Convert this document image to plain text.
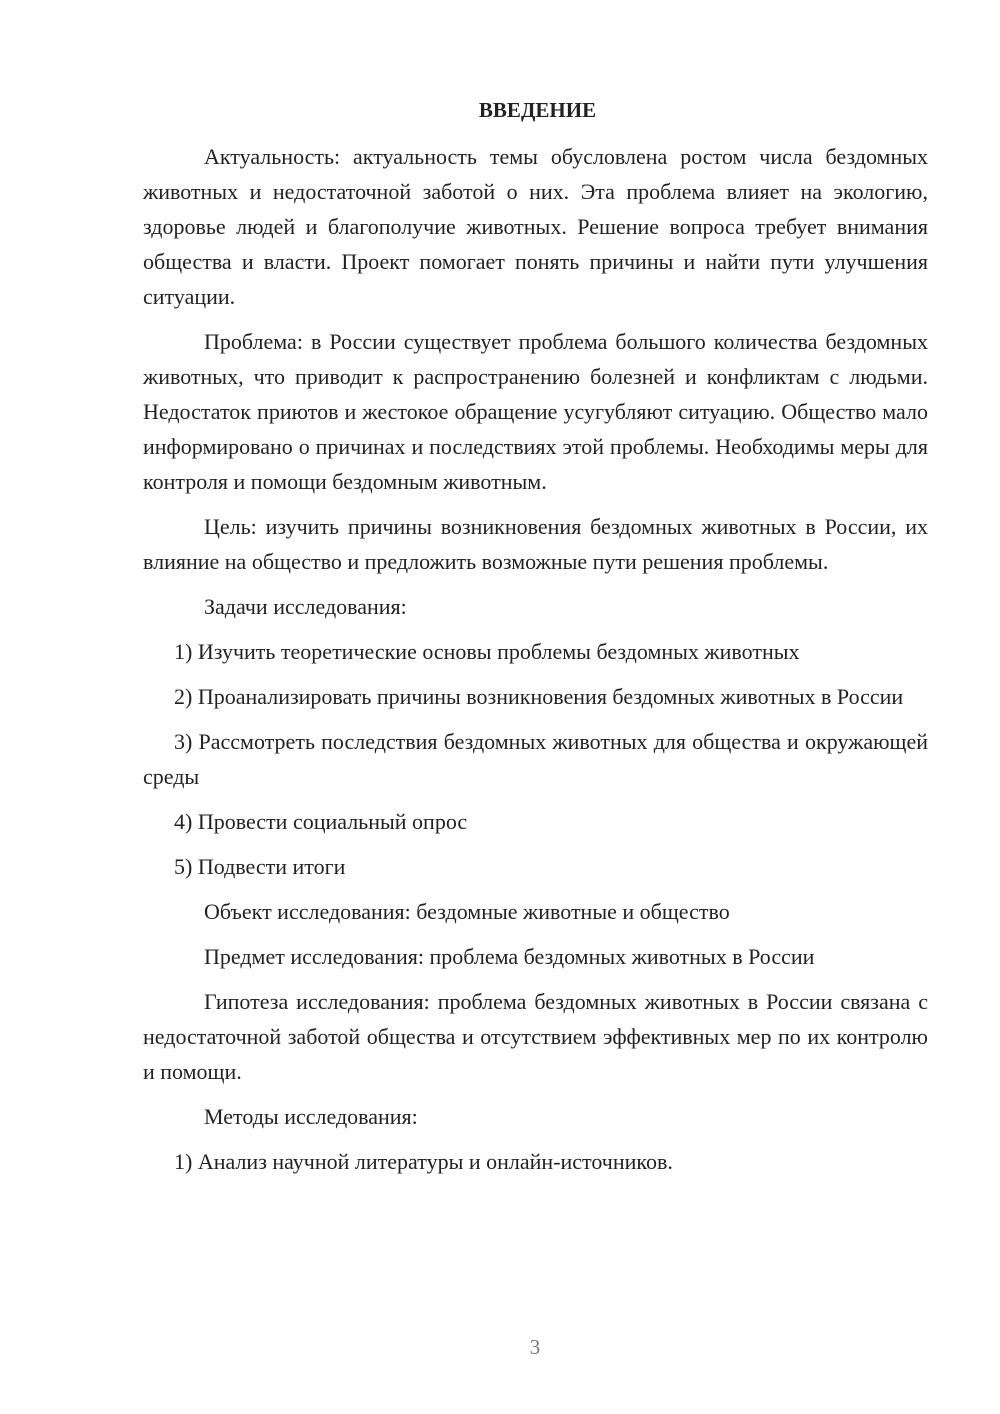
ВВЕДЕНИЕ

Актуальность: актуальность темы обусловлена ростом числа бездомных животных и недостаточной заботой о них. Эта проблема влияет на экологию, здоровье людей и благополучие животных. Решение вопроса требует внимания общества и власти. Проект помогает понять причины и найти пути улучшения ситуации.

Проблема: в России существует проблема большого количества бездомных животных, что приводит к распространению болезней и конфликтам с людьми. Недостаток приютов и жестокое обращение усугубляют ситуацию. Общество мало информировано о причинах и последствиях этой проблемы. Необходимы меры для контроля и помощи бездомным животным.

Цель: изучить причины возникновения бездомных животных в России, их влияние на общество и предложить возможные пути решения проблемы.

Задачи исследования:

1) Изучить теоретические основы проблемы бездомных животных

2) Проанализировать причины возникновения бездомных животных в России

3) Рассмотреть последствия бездомных животных для общества и окружающей среды

4) Провести социальный опрос

5) Подвести итоги

Объект исследования: бездомные животные и общество

Предмет исследования: проблема бездомных животных в России

Гипотеза исследования: проблема бездомных животных в России связана с недостаточной заботой общества и отсутствием эффективных мер по их контролю и помощи.

Методы исследования:

1) Анализ научной литературы и онлайн-источников.

3
